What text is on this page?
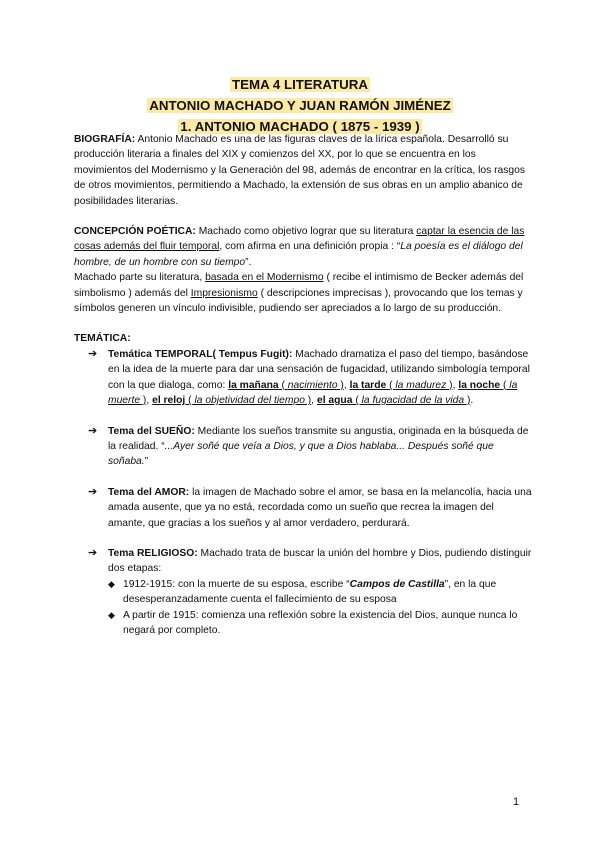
TEMA 4 LITERATURA
ANTONIO MACHADO Y JUAN RAMÓN JIMÉNEZ
1. ANTONIO MACHADO ( 1875 - 1939 )

BIOGRAFÍA: Antonio Machado es una de las figuras claves de la lírica española. Desarrolló su producción literaria a finales del XIX y comienzos del XX, por lo que se encuentra en los movimientos del Modernismo y la Generación del 98, además de encontrar en la crítica, los rasgos de otros movimientos, permitiendo a Machado, la extensión de sus obras en un amplio abanico de posibilidades literarias.

CONCEPCIÓN POÉTICA: Machado como objetivo lograr que su literatura captar la esencia de las cosas además del fluir temporal, com afirma en una definición propia : “La poesía es el diálogo del hombre, de un hombre con su tiempo”.

Machado parte su literatura, basada en el Modernismo ( recibe el intimismo de Becker además del simbolismo ) además del Impresionismo ( descripciones imprecisas ), provocando que los temas y símbolos generen un vínculo indivisible, pudiendo ser apreciados a lo largo de su producción.

TEMÁTICA:

➔ Temática TEMPORAL( Tempus Fugit): Machado dramatiza el paso del tiempo, basándose en la idea de la muerte para dar una sensación de fugacidad, utilizando simbología temporal con la que dialoga, como: la mañana ( nacimiento ), la tarde ( la madurez ), la noche ( la muerte ), el reloj ( la objetividad del tiempo ), el agua ( la fugacidad de la vida ).
➔ Tema del SUEÑO: Mediante los sueños transmite su angustia, originada en la búsqueda de la realidad. “...Ayer soñé que veía a Dios, y que a Dios hablaba... Después soñé que soñaba.”
➔ Tema del AMOR: la imagen de Machado sobre el amor, se basa en la melancolía, hacia una amada ausente, que ya no está, recordada como un sueño que recrea la imagen del amante, que gracias a los sueños y al amor verdadero, perdurará.
➔ Tema RELIGIOSO: Machado trata de buscar la unión del hombre y Dios, pudiendo distinguir dos etapas:
◆ 1912-1915: con la muerte de su esposa, escribe “Campos de Castilla”, en la que desesperanzadamente cuenta el fallecimiento de su esposa
◆ A partir de 1915: comienza una reflexión sobre la existencia del Dios, aunque nunca lo negará por completo.
1
